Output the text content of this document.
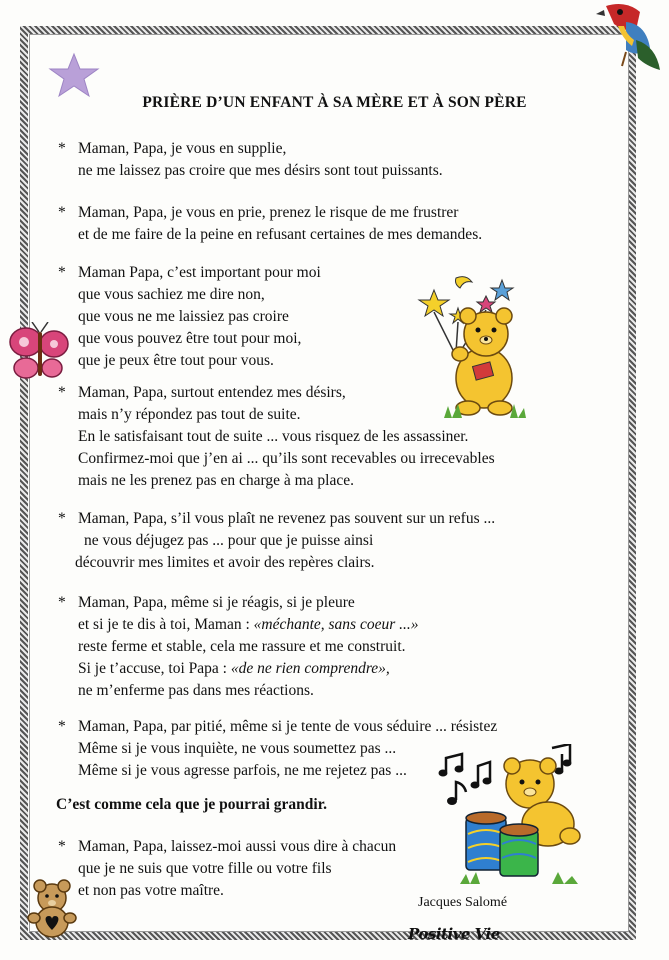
PRIÈRE D’UN ENFANT À SA MÈRE ET À SON PÈRE
* Maman, Papa, je vous en supplie,
ne me laissez pas croire que mes désirs sont tout puissants.
* Maman, Papa, je vous en prie, prenez le risque de me frustrer
et de me faire de la peine en refusant certaines de mes demandes.
* Maman Papa, c’est important pour moi
que vous sachiez me dire non,
que vous ne me laissiez pas croire
que vous pouvez être tout pour moi,
que je peux être tout pour vous.
* Maman, Papa, surtout entendez mes désirs,
mais n’y répondez pas tout de suite.
En le satisfaisant tout de suite ... vous risquez de les assassiner.
Confirmez-moi que j’en ai ... qu’ils sont recevables ou irrecevables
mais ne les prenez pas en charge à ma place.
* Maman, Papa, s’il vous plaît ne revenez pas souvent sur un refus ...
ne vous déjugez pas ... pour que je puisse ainsi
découvrir mes limites et avoir des repères clairs.
* Maman, Papa, même si je réagis, si je pleure
et si je te dis à toi, Maman : «méchante, sans coeur ...»
reste ferme et stable, cela me rassure et me construit.
Si je t’accuse, toi Papa : «de ne rien comprendre»,
ne m’enferme pas dans mes réactions.
* Maman, Papa, par pitié, même si je tente de vous séduire ... résistez
Même si je vous inquiète, ne vous soumettez pas ...
Même si je vous agresse parfois, ne me rejetez pas ...
C’est comme cela que je pourrai grandir.
* Maman, Papa, laissez-moi aussi vous dire à chacun
que je ne suis que votre fille ou votre fils
et non pas votre maître.
Jacques Salomé
Positive Vie
